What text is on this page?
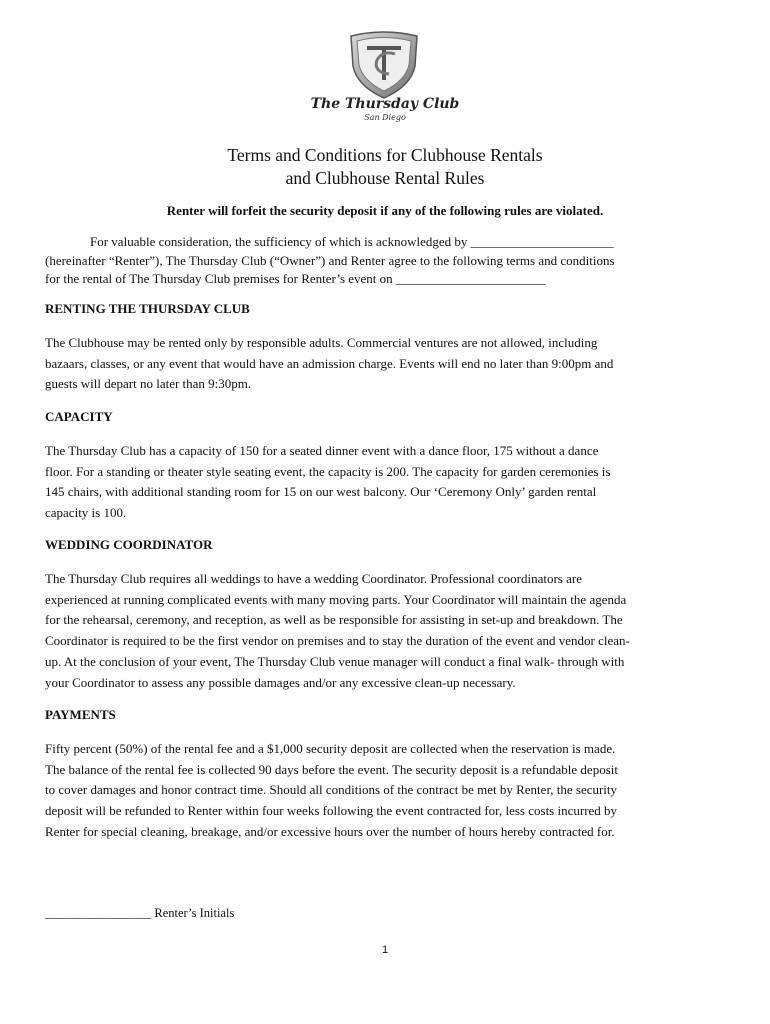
The Thursday Club
San Diego
Terms and Conditions for Clubhouse Rentals
and Clubhouse Rental Rules
Renter will forfeit the security deposit if any of the following rules are violated.
For valuable consideration, the sufficiency of which is acknowledged by ______________________
(hereinafter “Renter”), The Thursday Club (“Owner”) and Renter agree to the following terms and conditions
for the rental of The Thursday Club premises for Renter’s event on _______________________
RENTING THE THURSDAY CLUB
The Clubhouse may be rented only by responsible adults. Commercial ventures are not allowed, including
bazaars, classes, or any event that would have an admission charge. Events will end no later than 9:00pm and
guests will depart no later than 9:30pm.
CAPACITY
The Thursday Club has a capacity of 150 for a seated dinner event with a dance floor, 175 without a dance
floor. For a standing or theater style seating event, the capacity is 200. The capacity for garden ceremonies is
145 chairs, with additional standing room for 15 on our west balcony. Our ‘Ceremony Only’ garden rental
capacity is 100.
WEDDING COORDINATOR
The Thursday Club requires all weddings to have a wedding Coordinator. Professional coordinators are
experienced at running complicated events with many moving parts. Your Coordinator will maintain the agenda
for the rehearsal, ceremony, and reception, as well as be responsible for assisting in set-up and breakdown. The
Coordinator is required to be the first vendor on premises and to stay the duration of the event and vendor clean-
up. At the conclusion of your event, The Thursday Club venue manager will conduct a final walk- through with
your Coordinator to assess any possible damages and/or any excessive clean-up necessary.
PAYMENTS
Fifty percent (50%) of the rental fee and a $1,000 security deposit are collected when the reservation is made.
The balance of the rental fee is collected 90 days before the event. The security deposit is a refundable deposit
to cover damages and honor contract time. Should all conditions of the contract be met by Renter, the security
deposit will be refunded to Renter within four weeks following the event contracted for, less costs incurred by
Renter for special cleaning, breakage, and/or excessive hours over the number of hours hereby contracted for.
_________________ Renter’s Initials
1
